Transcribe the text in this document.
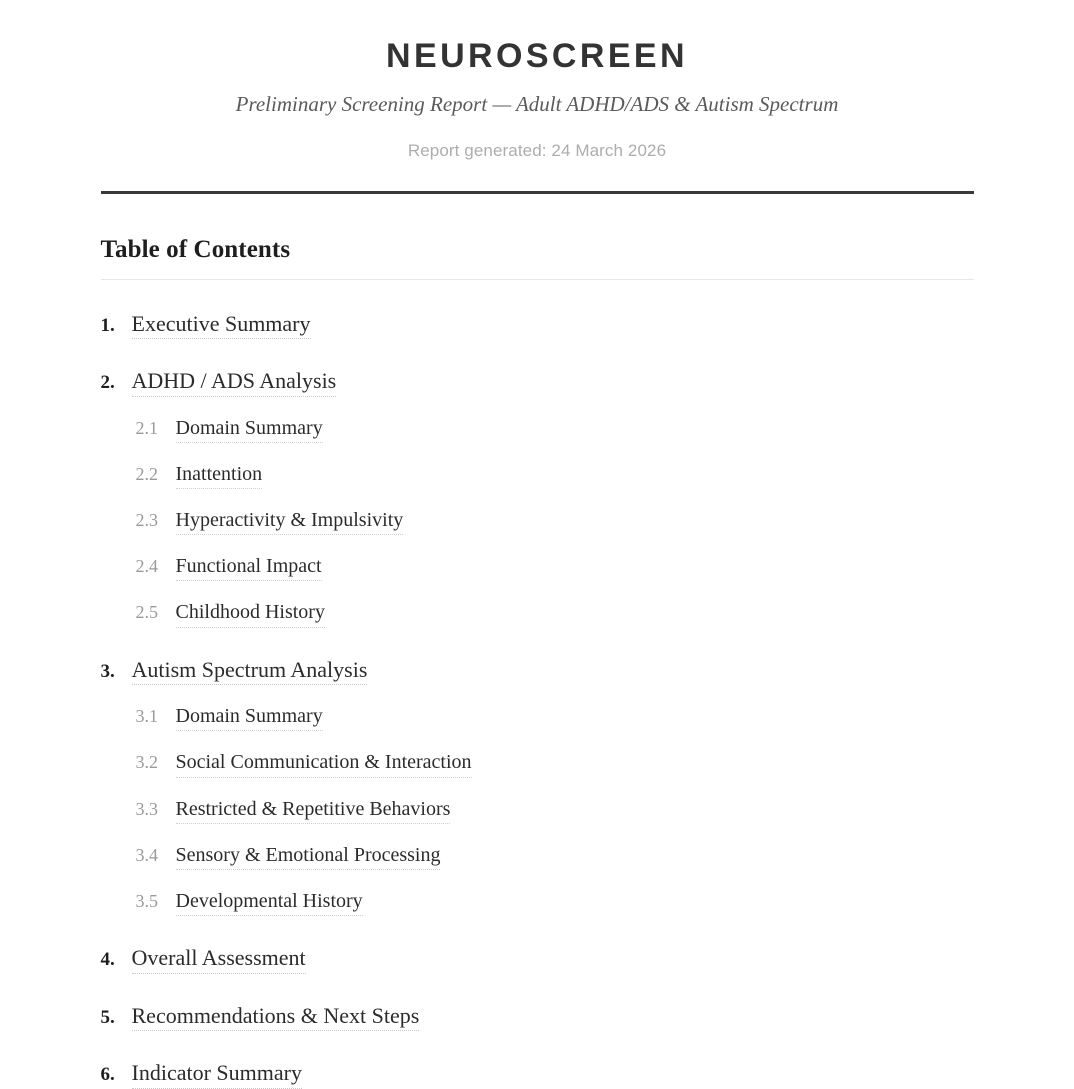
NEUROSCREEN

Preliminary Screening Report — Adult ADHD/ADS & Autism Spectrum

Report generated: 24 March 2026

Table of Contents
1. Executive Summary
2. ADHD / ADS Analysis
2.1 Domain Summary
2.2 Inattention
2.3 Hyperactivity & Impulsivity
2.4 Functional Impact
2.5 Childhood History
3. Autism Spectrum Analysis
3.1 Domain Summary
3.2 Social Communication & Interaction
3.3 Restricted & Repetitive Behaviors
3.4 Sensory & Emotional Processing
3.5 Developmental History
4. Overall Assessment
5. Recommendations & Next Steps
6. Indicator Summary
